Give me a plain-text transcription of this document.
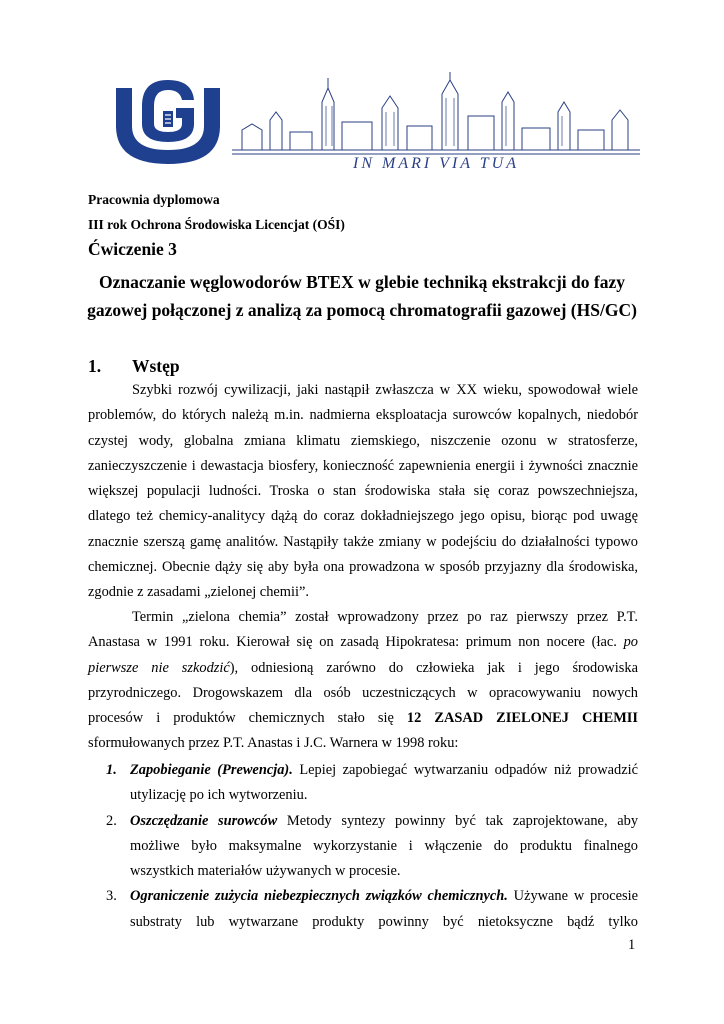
IN MARI VIA TUA
Pracownia dyplomowa
III rok Ochrona Środowiska Licencjat (OŚI)
Ćwiczenie 3
Oznaczanie węglowodorów BTEX w glebie techniką ekstrakcji do fazy
gazowej połączonej z analizą za pomocą chromatografii gazowej (HS/GC)
1. Wstęp
Szybki rozwój cywilizacji, jaki nastąpił zwłaszcza w XX wieku, spowodował wiele
problemów, do których należą m.in. nadmierna eksploatacja surowców kopalnych, niedobór
czystej wody, globalna zmiana klimatu ziemskiego, niszczenie ozonu w stratosferze,
zanieczyszczenie i dewastacja biosfery, konieczność zapewnienia energii i żywności znacznie
większej populacji ludności. Troska o stan środowiska stała się coraz powszechniejsza,
dlatego też chemicy-analitycy dążą do coraz dokładniejszego jego opisu, biorąc pod uwagę
znacznie szerszą gamę analitów. Nastąpiły także zmiany w podejściu do działalności typowo
chemicznej. Obecnie dąży się aby była ona prowadzona w sposób przyjazny dla środowiska,
zgodnie z zasadami „zielonej chemii”.
Termin „zielona chemia” został wprowadzony przez po raz pierwszy przez P.T.
Anastasa w 1991 roku. Kierował się on zasadą Hipokratesa: primum non nocere (łac. po
pierwsze nie szkodzić), odniesioną zarówno do człowieka jak i jego środowiska
przyrodniczego. Drogowskazem dla osób uczestniczących w opracowywaniu nowych
procesów i produktów chemicznych stało się 12 ZASAD ZIELONEJ CHEMII
sformułowanych przez P.T. Anastas i J.C. Warnera w 1998 roku:
1. Zapobieganie (Prewencja). Lepiej zapobiegać wytwarzaniu odpadów niż prowadzić
utylizację po ich wytworzeniu.
2. Oszczędzanie surowców Metody syntezy powinny być tak zaprojektowane, aby
możliwe było maksymalne wykorzystanie i włączenie do produktu finalnego
wszystkich materiałów używanych w procesie.
3. Ograniczenie zużycia niebezpiecznych związków chemicznych. Używane w procesie
substraty lub wytwarzane produkty powinny być nietoksyczne bądź tylko
1
